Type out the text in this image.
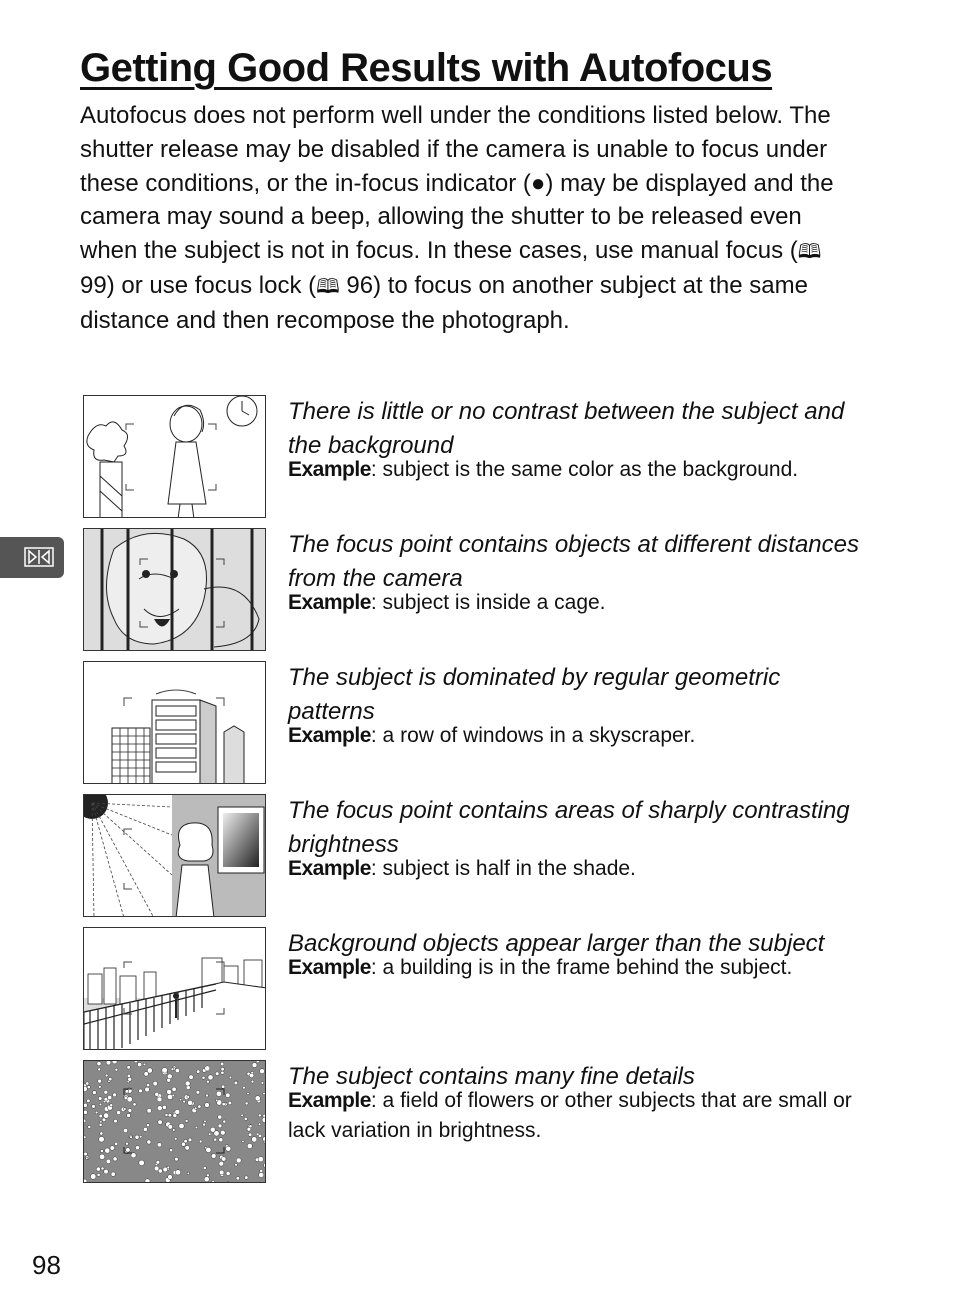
Getting Good Results with Autofocus

Autofocus does not perform well under the conditions listed below. The shutter release may be disabled if the camera is unable to focus under these conditions, or the in-focus indicator (●) may be displayed and the camera may sound a beep, allowing the shutter to be released even when the subject is not in focus. In these cases, use manual focus (🕮 99) or use focus lock (🕮 96) to focus on another subject at the same distance and then recompose the photograph.

There is little or no contrast between the subject and the background

Example: subject is the same color as the background.

The focus point contains objects at different distances from the camera

Example: subject is inside a cage.

The subject is dominated by regular geometric patterns

Example: a row of windows in a skyscraper.

The focus point contains areas of sharply contrasting brightness

Example: subject is half in the shade.

Background objects appear larger than the subject

Example: a building is in the frame behind the subject.

The subject contains many fine details

Example: a field of flowers or other subjects that are small or lack variation in brightness.

98
